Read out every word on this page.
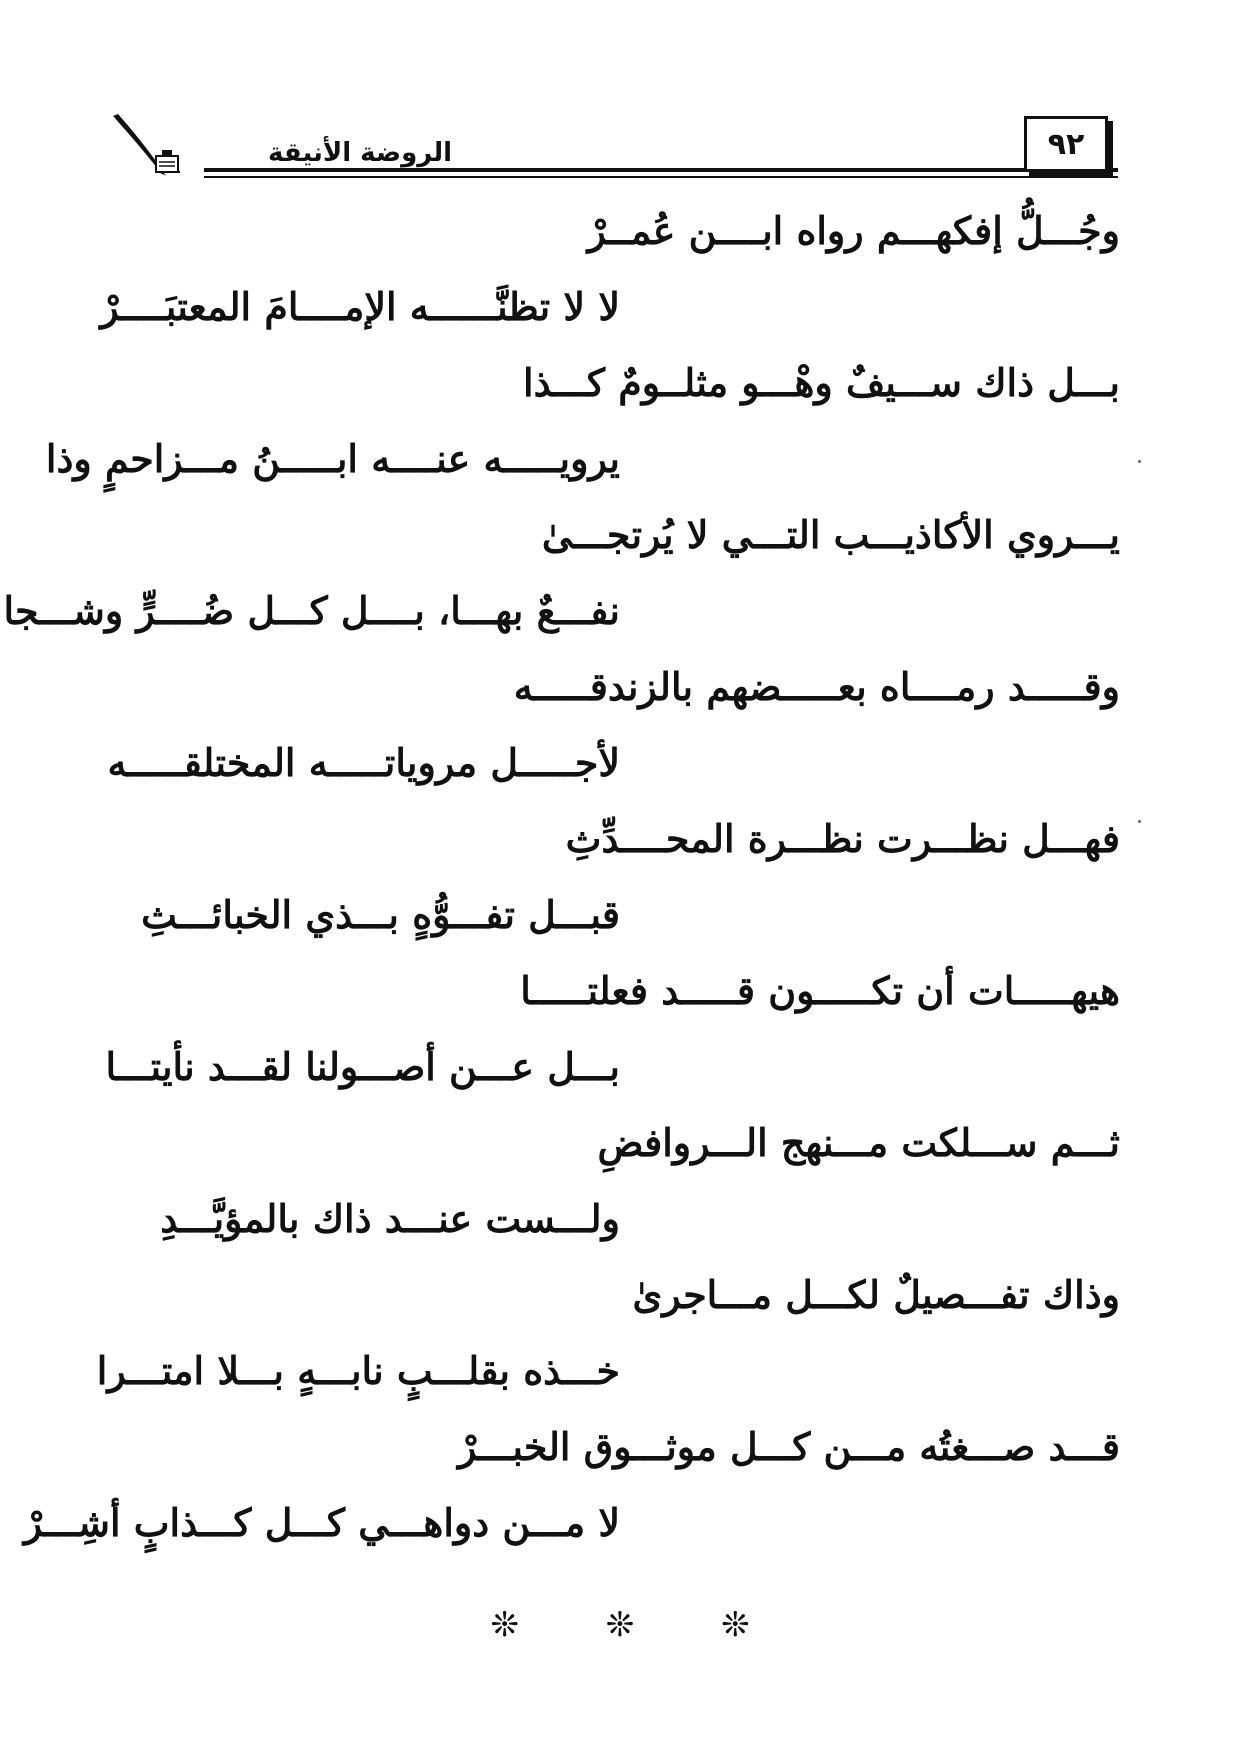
الروضة الأنيقة	٩٢
وجُـــلُّ إفكهـــم رواه ابــــن عُمــرْ
لا لا تظنَّــــــه الإمــــامَ المعتبَــــرْ
بـــل ذاك ســـيفٌ وهْـــو مثلــومٌ كـــذا
يرويـــــه عنــــه ابـــــنُ مـــزاحمٍ وذا
يـــروي الأكاذيـــب التـــي لا يُرتجـــىٰ
نفـــعٌ بهـــا، بــــل كـــل ضُــــرٍّ وشـــجا
وقـــــد رمــــاه بعـــــضهم بالزندقـــــه
لأجـــــل مروياتـــــه المختلقـــــه
فهـــل نظـــرت نظـــرة المحــــدِّثِ
قبـــل تفـــوُّهٍ بـــذي الخبائـــثِ
هيهـــــات أن تكـــــون قـــــد فعلتـــــا
بـــل عـــن أصـــولنا لقـــد نأيتـــا
ثـــم ســـلكت مـــنهج الـــروافضِ
ولـــست عنـــد ذاك بالمؤيَّـــدِ
وذاك تفـــصيلٌ لكـــل مـــاجرىٰ
خـــذه بقلـــبٍ نابـــهٍ بـــلا امتـــرا
قـــد صـــغتُه مـــن كـــل موثـــوق الخبـــرْ
لا مـــن دواهـــي كـــل كـــذابٍ أشِـــرْ
❊	❊	❊
